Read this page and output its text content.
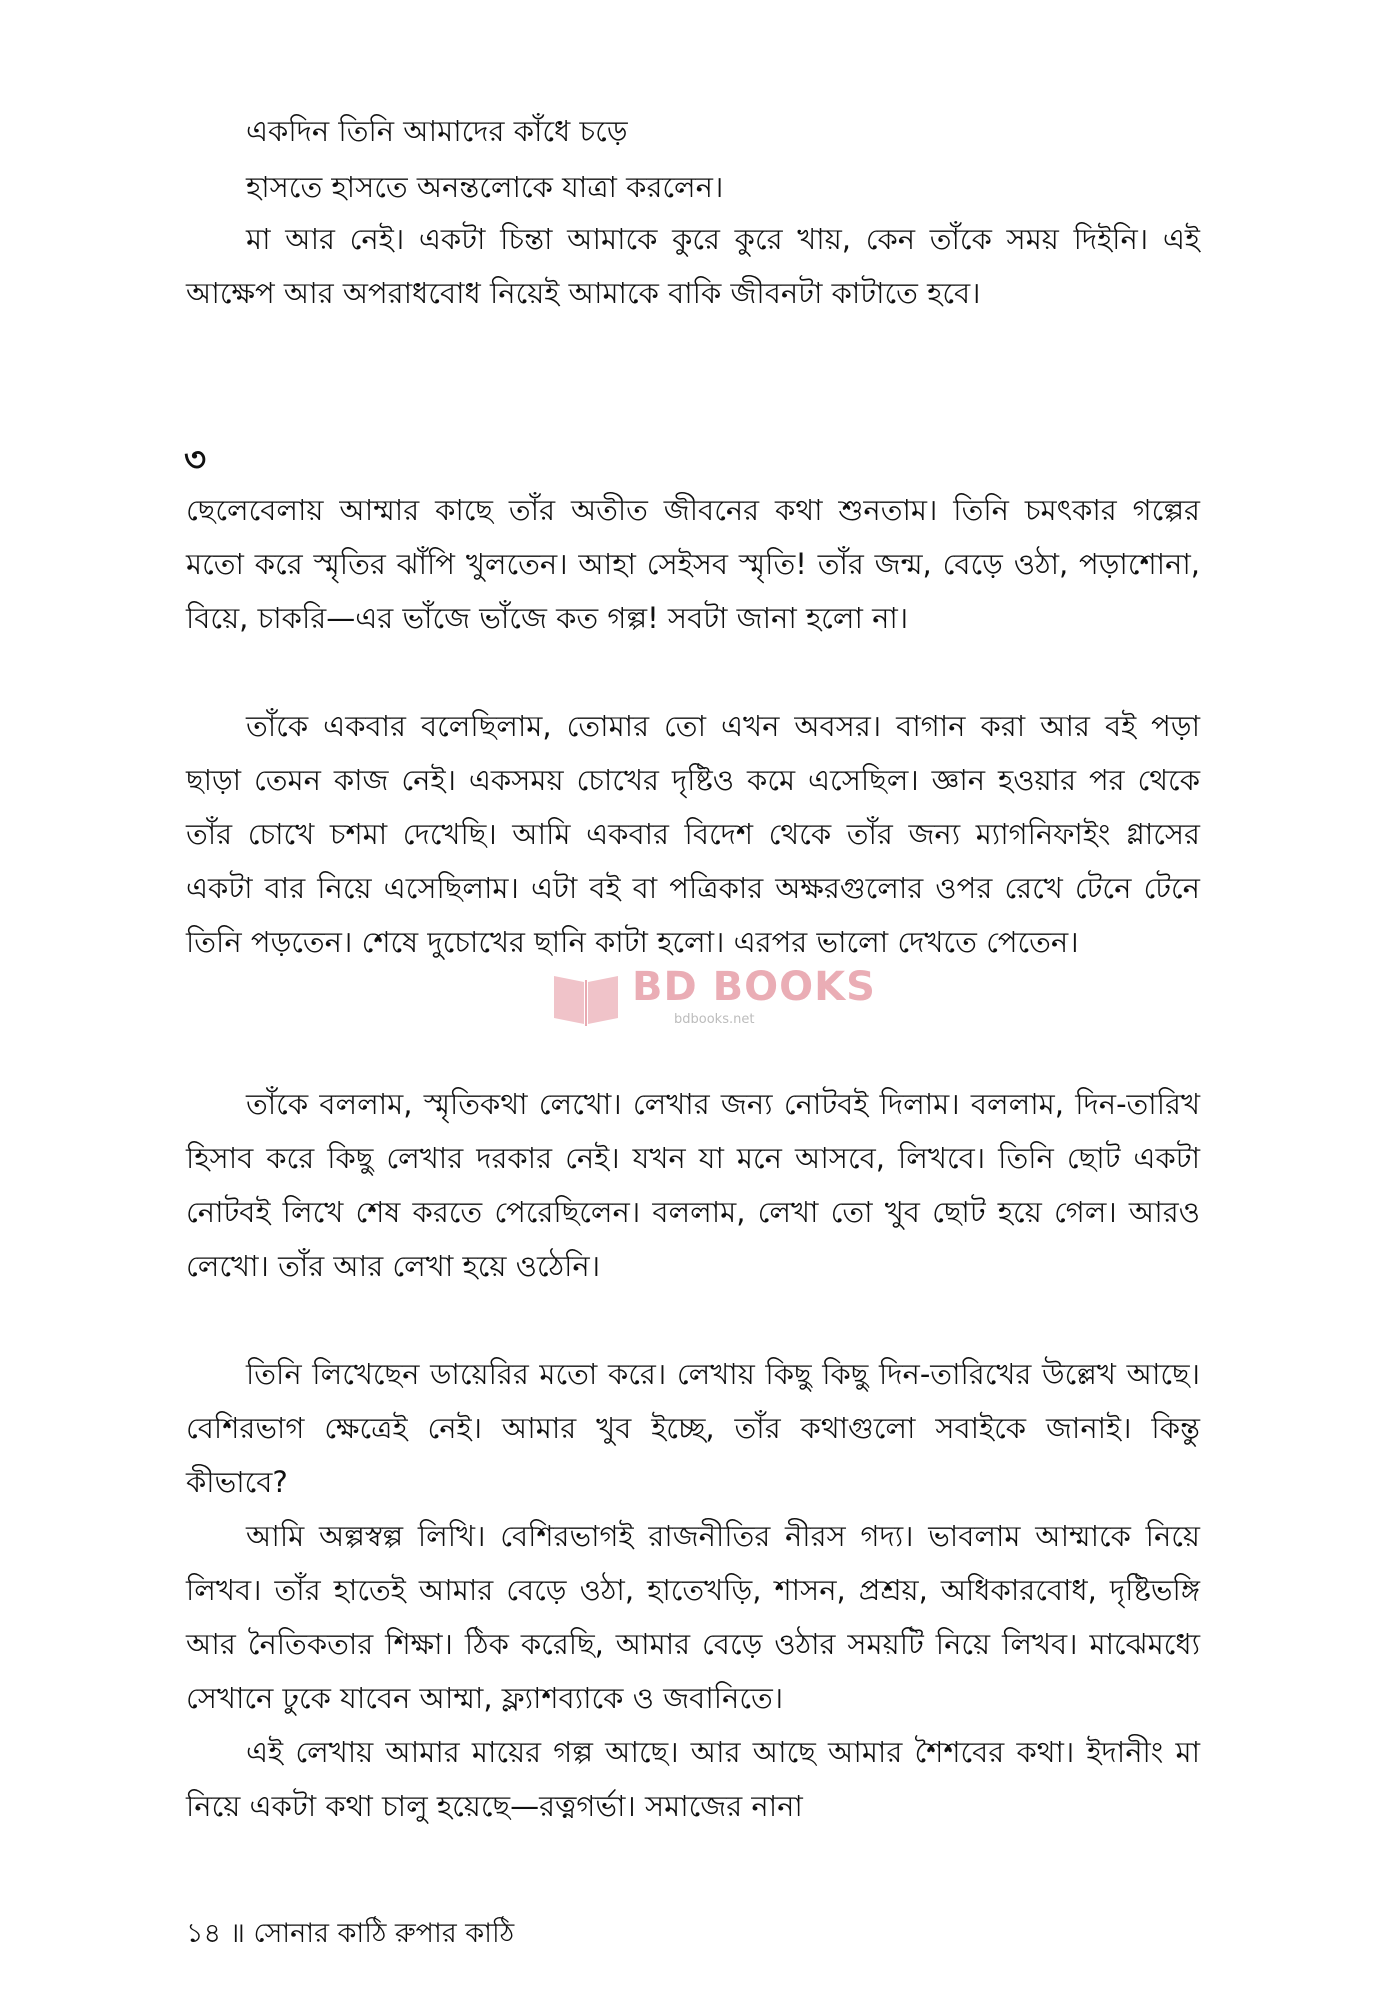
একদিন তিনি আমাদের কাঁধে চড়ে
হাসতে হাসতে অনন্তলোকে যাত্রা করলেন।

মা আর নেই। একটা চিন্তা আমাকে কুরে কুরে খায়, কেন তাঁকে সময় দিইনি। এই আক্ষেপ আর অপরাধবোধ নিয়েই আমাকে বাকি জীবনটা কাটাতে হবে।

৩

ছেলেবেলায় আম্মার কাছে তাঁর অতীত জীবনের কথা শুনতাম। তিনি চমৎকার গল্পের মতো করে স্মৃতির ঝাঁপি খুলতেন। আহা সেইসব স্মৃতি! তাঁর জন্ম, বেড়ে ওঠা, পড়াশোনা, বিয়ে, চাকরি—এর ভাঁজে ভাঁজে কত গল্প! সবটা জানা হলো না।

তাঁকে একবার বলেছিলাম, তোমার তো এখন অবসর। বাগান করা আর বই পড়া ছাড়া তেমন কাজ নেই। একসময় চোখের দৃষ্টিও কমে এসেছিল। জ্ঞান হওয়ার পর থেকে তাঁর চোখে চশমা দেখেছি। আমি একবার বিদেশ থেকে তাঁর জন্য ম্যাগনিফাইং গ্লাসের একটা বার নিয়ে এসেছিলাম। এটা বই বা পত্রিকার অক্ষরগুলোর ওপর রেখে টেনে টেনে তিনি পড়তেন। শেষে দুচোখের ছানি কাটা হলো। এরপর ভালো দেখতে পেতেন।

তাঁকে বললাম, স্মৃতিকথা লেখো। লেখার জন্য নোটবই দিলাম। বললাম, দিন-তারিখ হিসাব করে কিছু লেখার দরকার নেই। যখন যা মনে আসবে, লিখবে। তিনি ছোট একটা নোটবই লিখে শেষ করতে পেরেছিলেন। বললাম, লেখা তো খুব ছোট হয়ে গেল। আরও লেখো। তাঁর আর লেখা হয়ে ওঠেনি।

তিনি লিখেছেন ডায়েরির মতো করে। লেখায় কিছু কিছু দিন-তারিখের উল্লেখ আছে। বেশিরভাগ ক্ষেত্রেই নেই। আমার খুব ইচ্ছে, তাঁর কথাগুলো সবাইকে জানাই। কিন্তু কীভাবে?

আমি অল্পস্বল্প লিখি। বেশিরভাগই রাজনীতির নীরস গদ্য। ভাবলাম আম্মাকে নিয়ে লিখব। তাঁর হাতেই আমার বেড়ে ওঠা, হাতেখড়ি, শাসন, প্রশ্রয়, অধিকারবোধ, দৃষ্টিভঙ্গি আর নৈতিকতার শিক্ষা। ঠিক করেছি, আমার বেড়ে ওঠার সময়টি নিয়ে লিখব। মাঝেমধ্যে সেখানে ঢুকে যাবেন আম্মা, ফ্ল্যাশব্যাকে ও জবানিতে।

এই লেখায় আমার মায়ের গল্প আছে। আর আছে আমার শৈশবের কথা। ইদানীং মা নিয়ে একটা কথা চালু হয়েছে—রত্নগর্ভা। সমাজের নানা

১৪ ॥ সোনার কাঠি রুপার কাঠি
BD BOOKS
bdbooks.net
